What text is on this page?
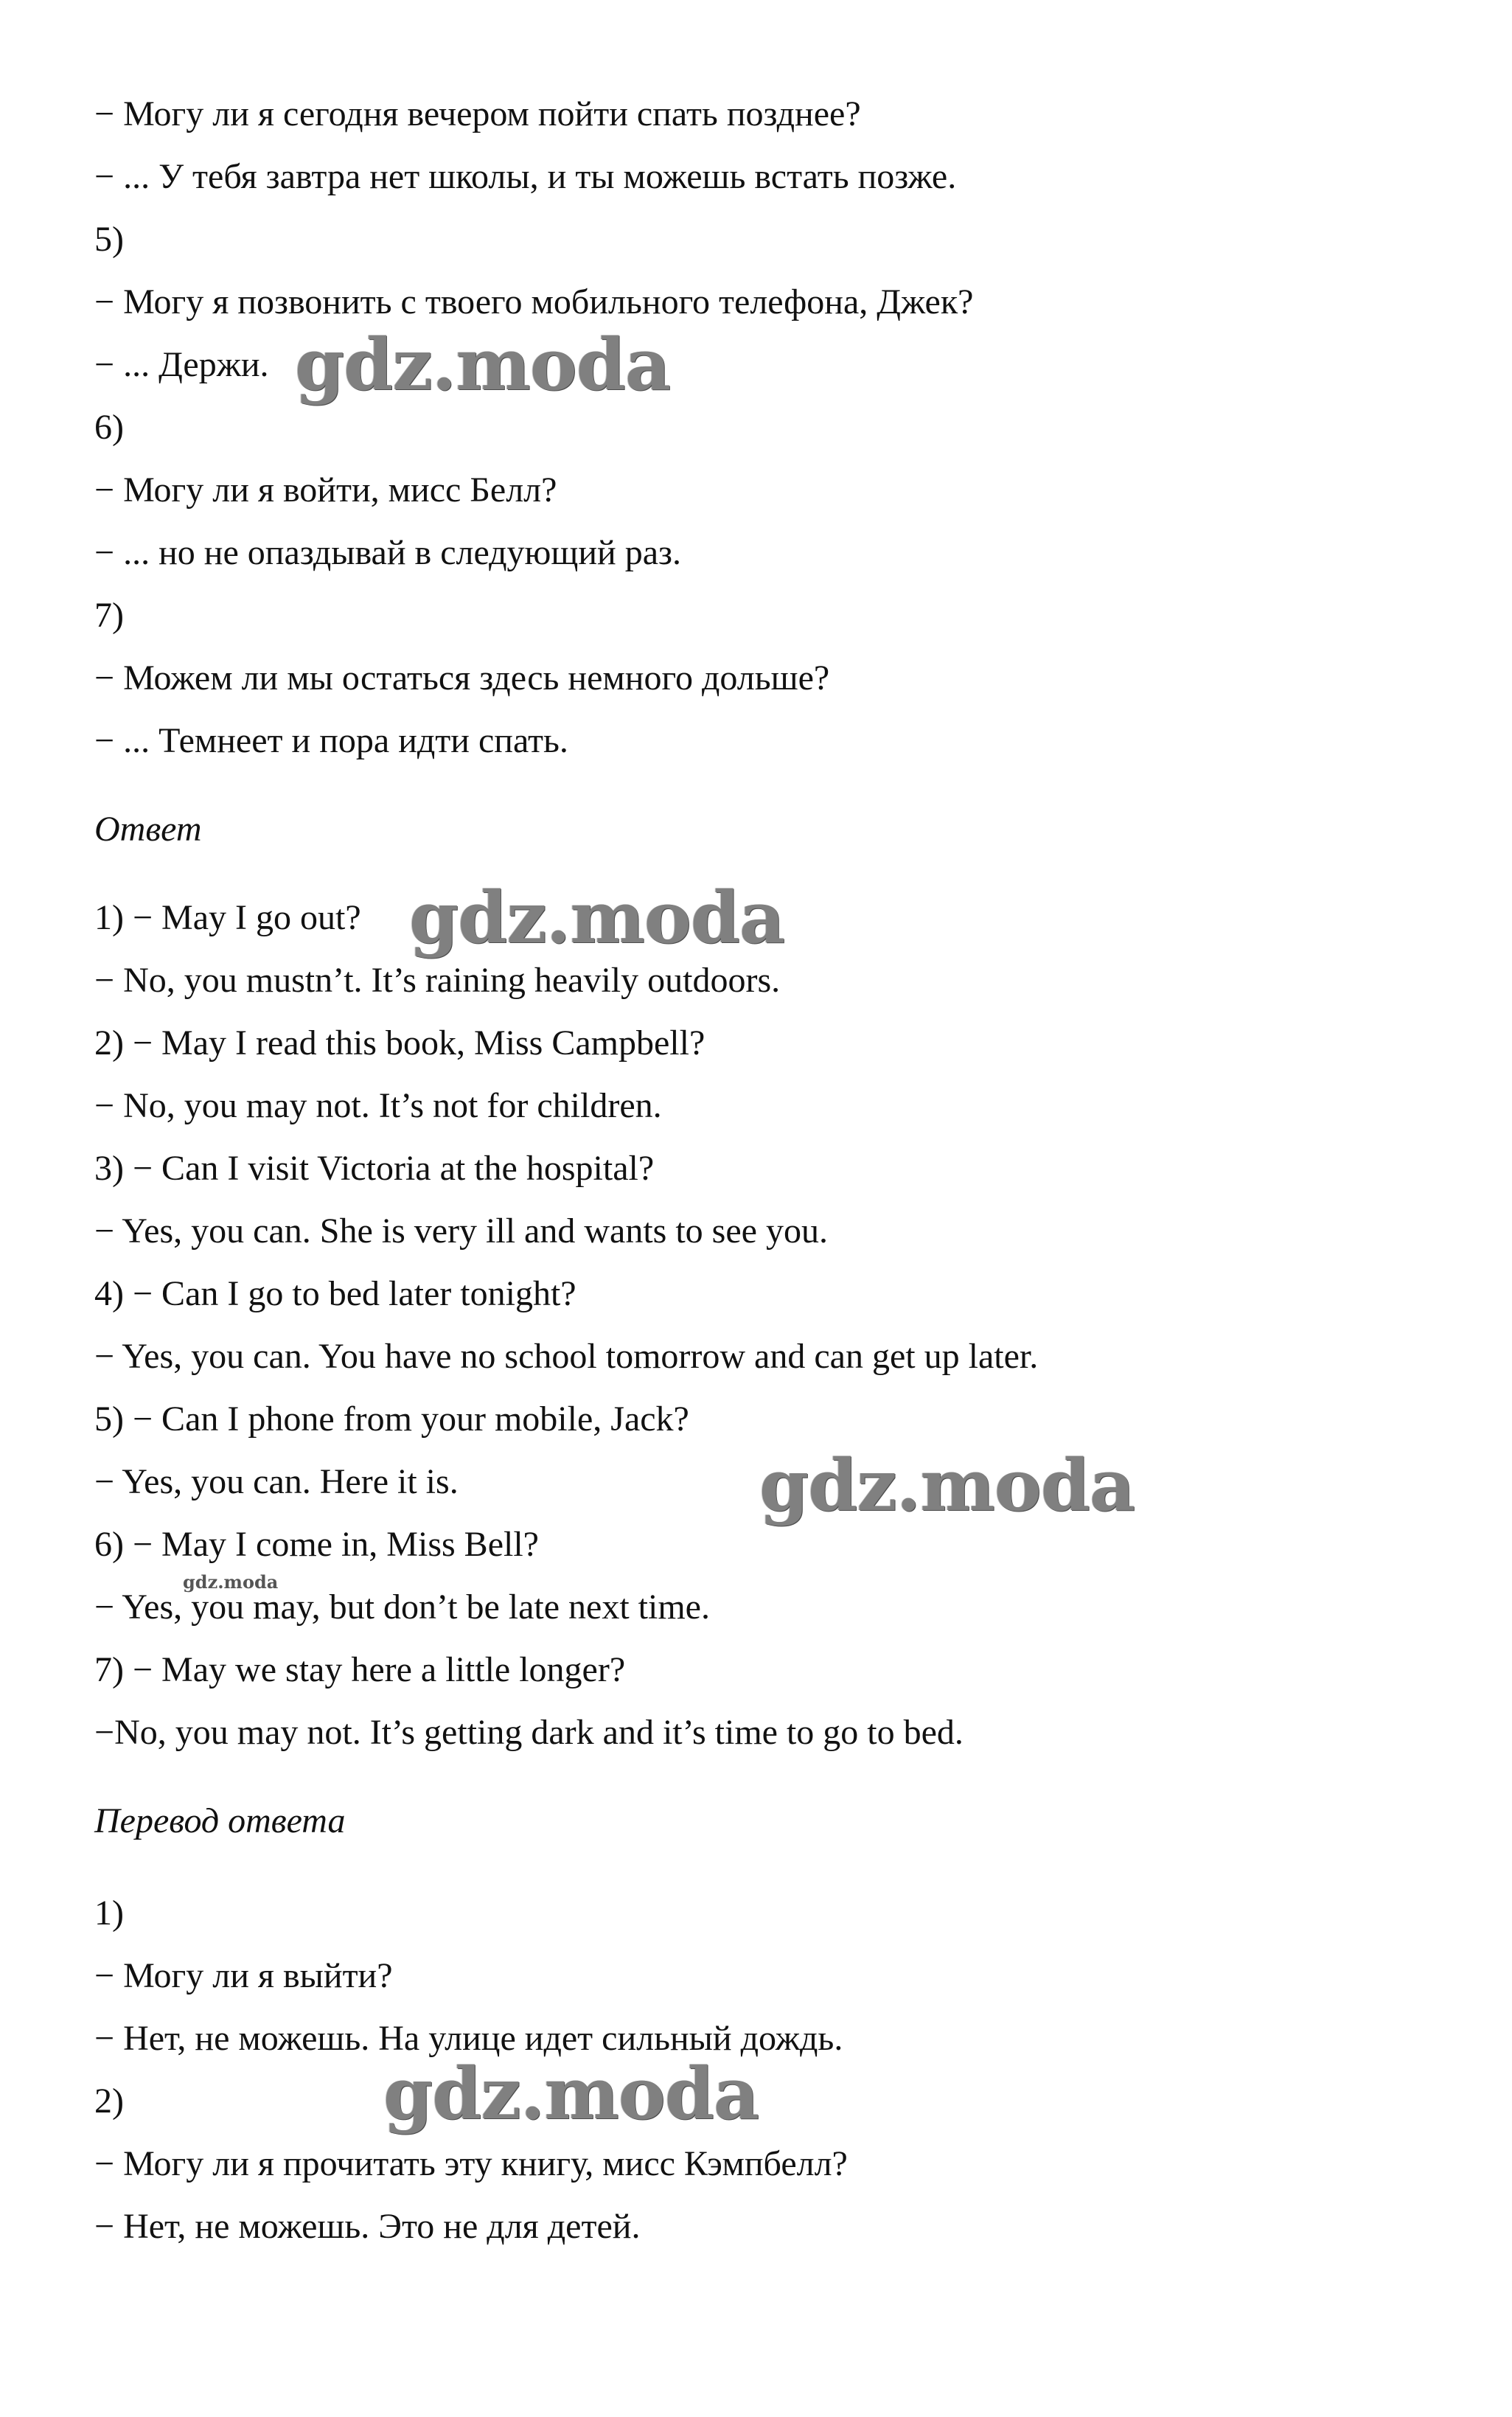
− Могу ли я сегодня вечером пойти спать позднее?
− ... У тебя завтра нет школы, и ты можешь встать позже.
5)
− Могу я позвонить с твоего мобильного телефона, Джек?
− ... Держи.
6)
− Могу ли я войти, мисс Белл?
− ... но не опаздывай в следующий раз.
7)
− Можем ли мы остаться здесь немного дольше?
− ... Темнеет и пора идти спать.
Ответ
1) − May I go out?
− No, you mustn’t. It’s raining heavily outdoors.
2) − May I read this book, Miss Campbell?
− No, you may not. It’s not for children.
3) − Can I visit Victoria at the hospital?
− Yes, you can. She is very ill and wants to see you.
4) − Can I go to bed later tonight?
− Yes, you can. You have no school tomorrow and can get up later.
5) − Can I phone from your mobile, Jack?
− Yes, you can. Here it is.
6) − May I come in, Miss Bell?
− Yes, you may, but don’t be late next time.
7) − May we stay here a little longer?
−No, you may not. It’s getting dark and it’s time to go to bed.
Перевод ответа
1)
− Могу ли я выйти?
− Нет, не можешь. На улице идет сильный дождь.
2)
− Могу ли я прочитать эту книгу, мисс Кэмпбелл?
− Нет, не можешь. Это не для детей.
gdz.moda
gdz.moda
gdz.moda
gdz.moda
gdz.moda
